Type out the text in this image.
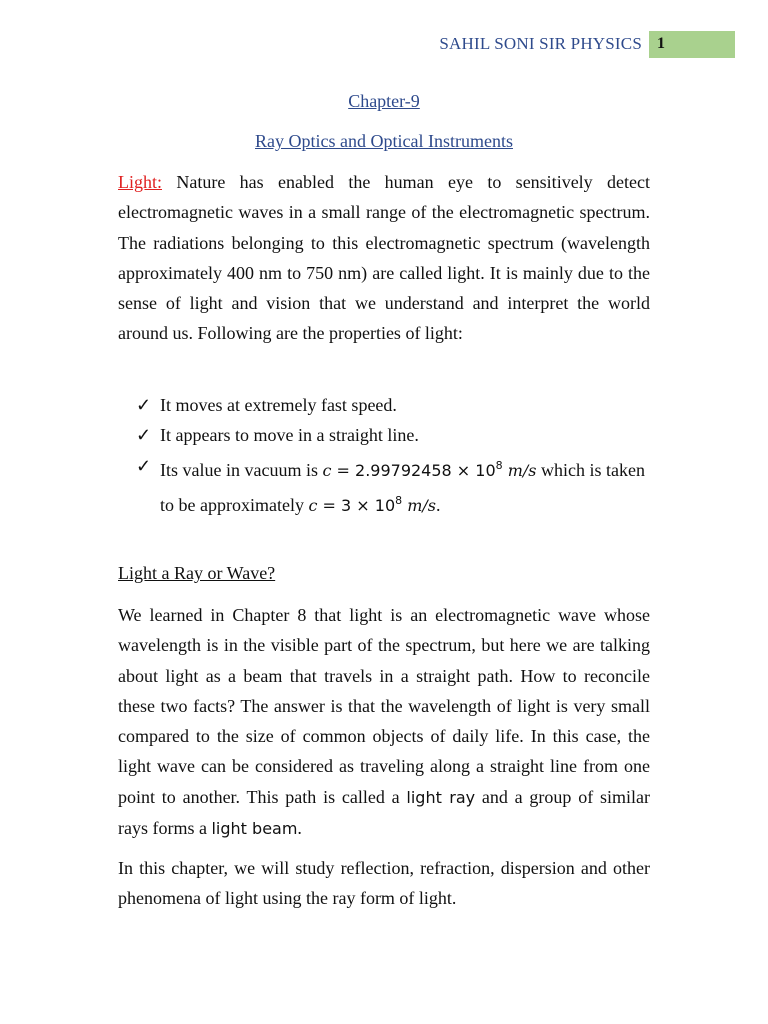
SAHIL SONI SIR PHYSICS 1
Chapter-9
Ray Optics and Optical Instruments
Light: Nature has enabled the human eye to sensitively detect electromagnetic waves in a small range of the electromagnetic spectrum. The radiations belonging to this electromagnetic spectrum (wavelength approximately 400 nm to 750 nm) are called light. It is mainly due to the sense of light and vision that we understand and interpret the world around us. Following are the properties of light:
✓ It moves at extremely fast speed.
✓ It appears to move in a straight line.
✓ Its value in vacuum is $c = 2.99792458 \times 10^8$ m/s which is taken to be approximately $c = 3 \times 10^8$ m/s.
Light a Ray or Wave?
We learned in Chapter 8 that light is an electromagnetic wave whose wavelength is in the visible part of the spectrum, but here we are talking about light as a beam that travels in a straight path. How to reconcile these two facts? The answer is that the wavelength of light is very small compared to the size of common objects of daily life. In this case, the light wave can be considered as traveling along a straight line from one point to another. This path is called a light ray and a group of similar rays forms a light beam.
In this chapter, we will study reflection, refraction, dispersion and other phenomena of light using the ray form of light.
